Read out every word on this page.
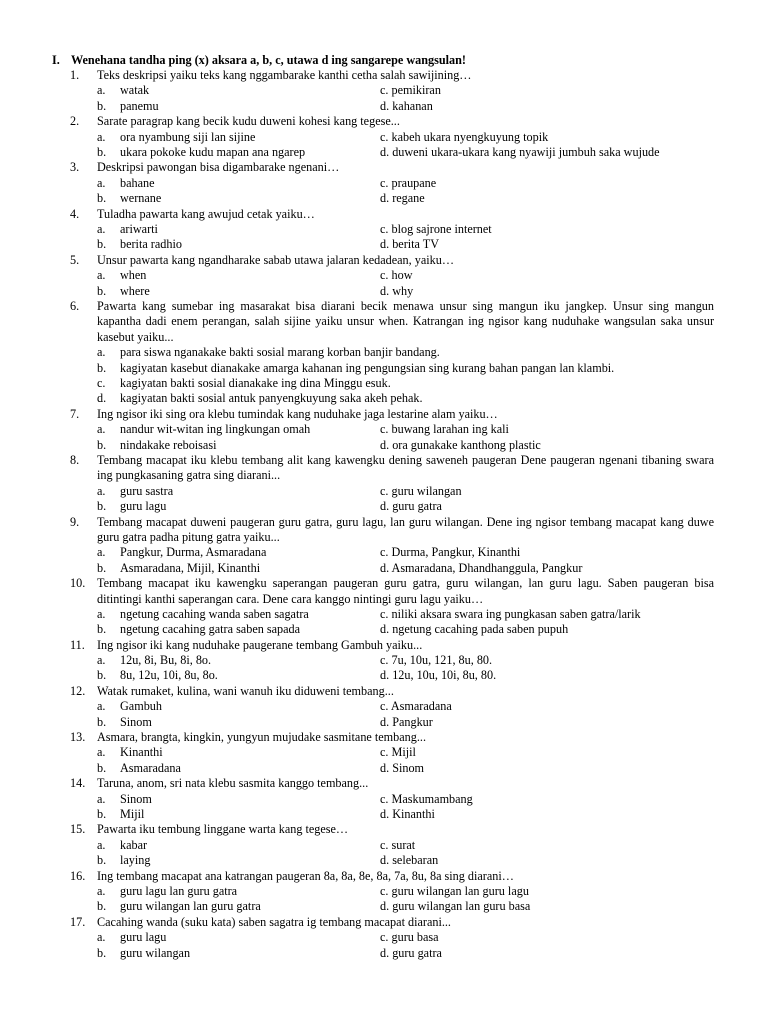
I. Wenehana tandha ping (x) aksara a, b, c, utawa d ing sangarepe wangsulan!
1.	Teks deskripsi yaiku teks kang nggambarake kanthi cetha salah sawijining…
a. watak	c. pemikiran
b. panemu	d. kahanan
2.	Sarate paragrap kang becik kudu duweni kohesi kang tegese...
a. ora nyambung siji lan sijine	c. kabeh ukara nyengkuyung topik
b. ukara pokoke kudu mapan ana ngarep	d. duweni ukara-ukara kang nyawiji jumbuh saka wujude
3.	Deskripsi pawongan bisa digambarake ngenani…
a. bahane	c. praupane
b. wernane	d. regane
4.	Tuladha pawarta kang awujud cetak yaiku…
a. ariwarti	c. blog sajrone internet
b. berita radhio	d. berita TV
5.	Unsur pawarta kang ngandharake sabab utawa jalaran kedadean, yaiku…
a. when	c. how
b. where	d. why
6.	Pawarta kang sumebar ing masarakat bisa diarani becik menawa unsur sing mangun iku jangkep. Unsur sing mangun kapantha dadi enem perangan, salah sijine yaiku unsur when. Katrangan ing ngisor kang nuduhake wangsulan saka unsur kasebut yaiku...
a. para siswa nganakake bakti sosial marang korban banjir bandang.
b. kagiyatan kasebut dianakake amarga kahanan ing pengungsian sing kurang bahan pangan lan klambi.
c. kagiyatan bakti sosial dianakake ing dina Minggu esuk.
d. kagiyatan bakti sosial antuk panyengkuyung saka akeh pehak.
7.	Ing ngisor iki sing ora klebu tumindak kang nuduhake jaga lestarine alam yaiku…
a. nandur wit-witan ing lingkungan omah	c. buwang larahan ing kali
b. nindakake reboisasi	d. ora gunakake kanthong plastic
8.	Tembang macapat iku klebu tembang alit kang kawengku dening saweneh paugeran Dene paugeran ngenani tibaning swara ing pungkasaning gatra sing diarani...
a. guru sastra	c. guru wilangan
b. guru lagu	d. guru gatra
9.	Tembang macapat duweni paugeran guru gatra, guru lagu, lan guru wilangan. Dene ing ngisor tembang macapat kang duwe guru gatra padha pitung gatra yaiku...
a. Pangkur, Durma, Asmaradana	c. Durma, Pangkur, Kinanthi
b. Asmaradana, Mijil, Kinanthi	d. Asmaradana, Dhandhanggula, Pangkur
10. Tembang macapat iku kawengku saperangan paugeran guru gatra, guru wilangan, lan guru lagu. Saben paugeran bisa ditintingi kanthi saperangan cara. Dene cara kanggo nintingi guru lagu yaiku…
a. ngetung cacahing wanda saben sagatra	c. niliki aksara swara ing pungkasan saben gatra/larik
b. ngetung cacahing gatra saben sapada	d. ngetung cacahing pada saben pupuh
11.	Ing ngisor iki kang nuduhake paugerane tembang Gambuh yaiku...
a. 12u, 8i, Bu, 8i, 8o.	c. 7u, 10u, 121, 8u, 80.
b. 8u, 12u, 10i, 8u, 8o.	d. 12u, 10u, 10i, 8u, 80.
12. Watak rumaket, kulina, wani wanuh iku diduweni tembang...
a. Gambuh	c. Asmaradana
b. Sinom	d. Pangkur
13. Asmara, brangta, kingkin, yungyun mujudake sasmitane tembang...
a. Kinanthi	c. Mijil
b. Asmaradana	d. Sinom
14. Taruna, anom, sri nata klebu sasmita kanggo tembang...
a. Sinom	c. Maskumambang
b. Mijil	d. Kinanthi
15. Pawarta iku tembung linggane warta kang tegese…
a. kabar	c. surat
b. laying	d. selebaran
16. Ing tembang macapat ana katrangan paugeran 8a, 8a, 8e, 8a, 7a, 8u, 8a sing diarani…
a. guru lagu lan guru gatra	c. guru wilangan lan guru lagu
b. guru wilangan lan guru gatra	d. guru wilangan lan guru basa
17. Cacahing wanda (suku kata) saben sagatra ig tembang macapat diarani...
a. guru lagu	c. guru basa
b. guru wilangan	d. guru gatra
